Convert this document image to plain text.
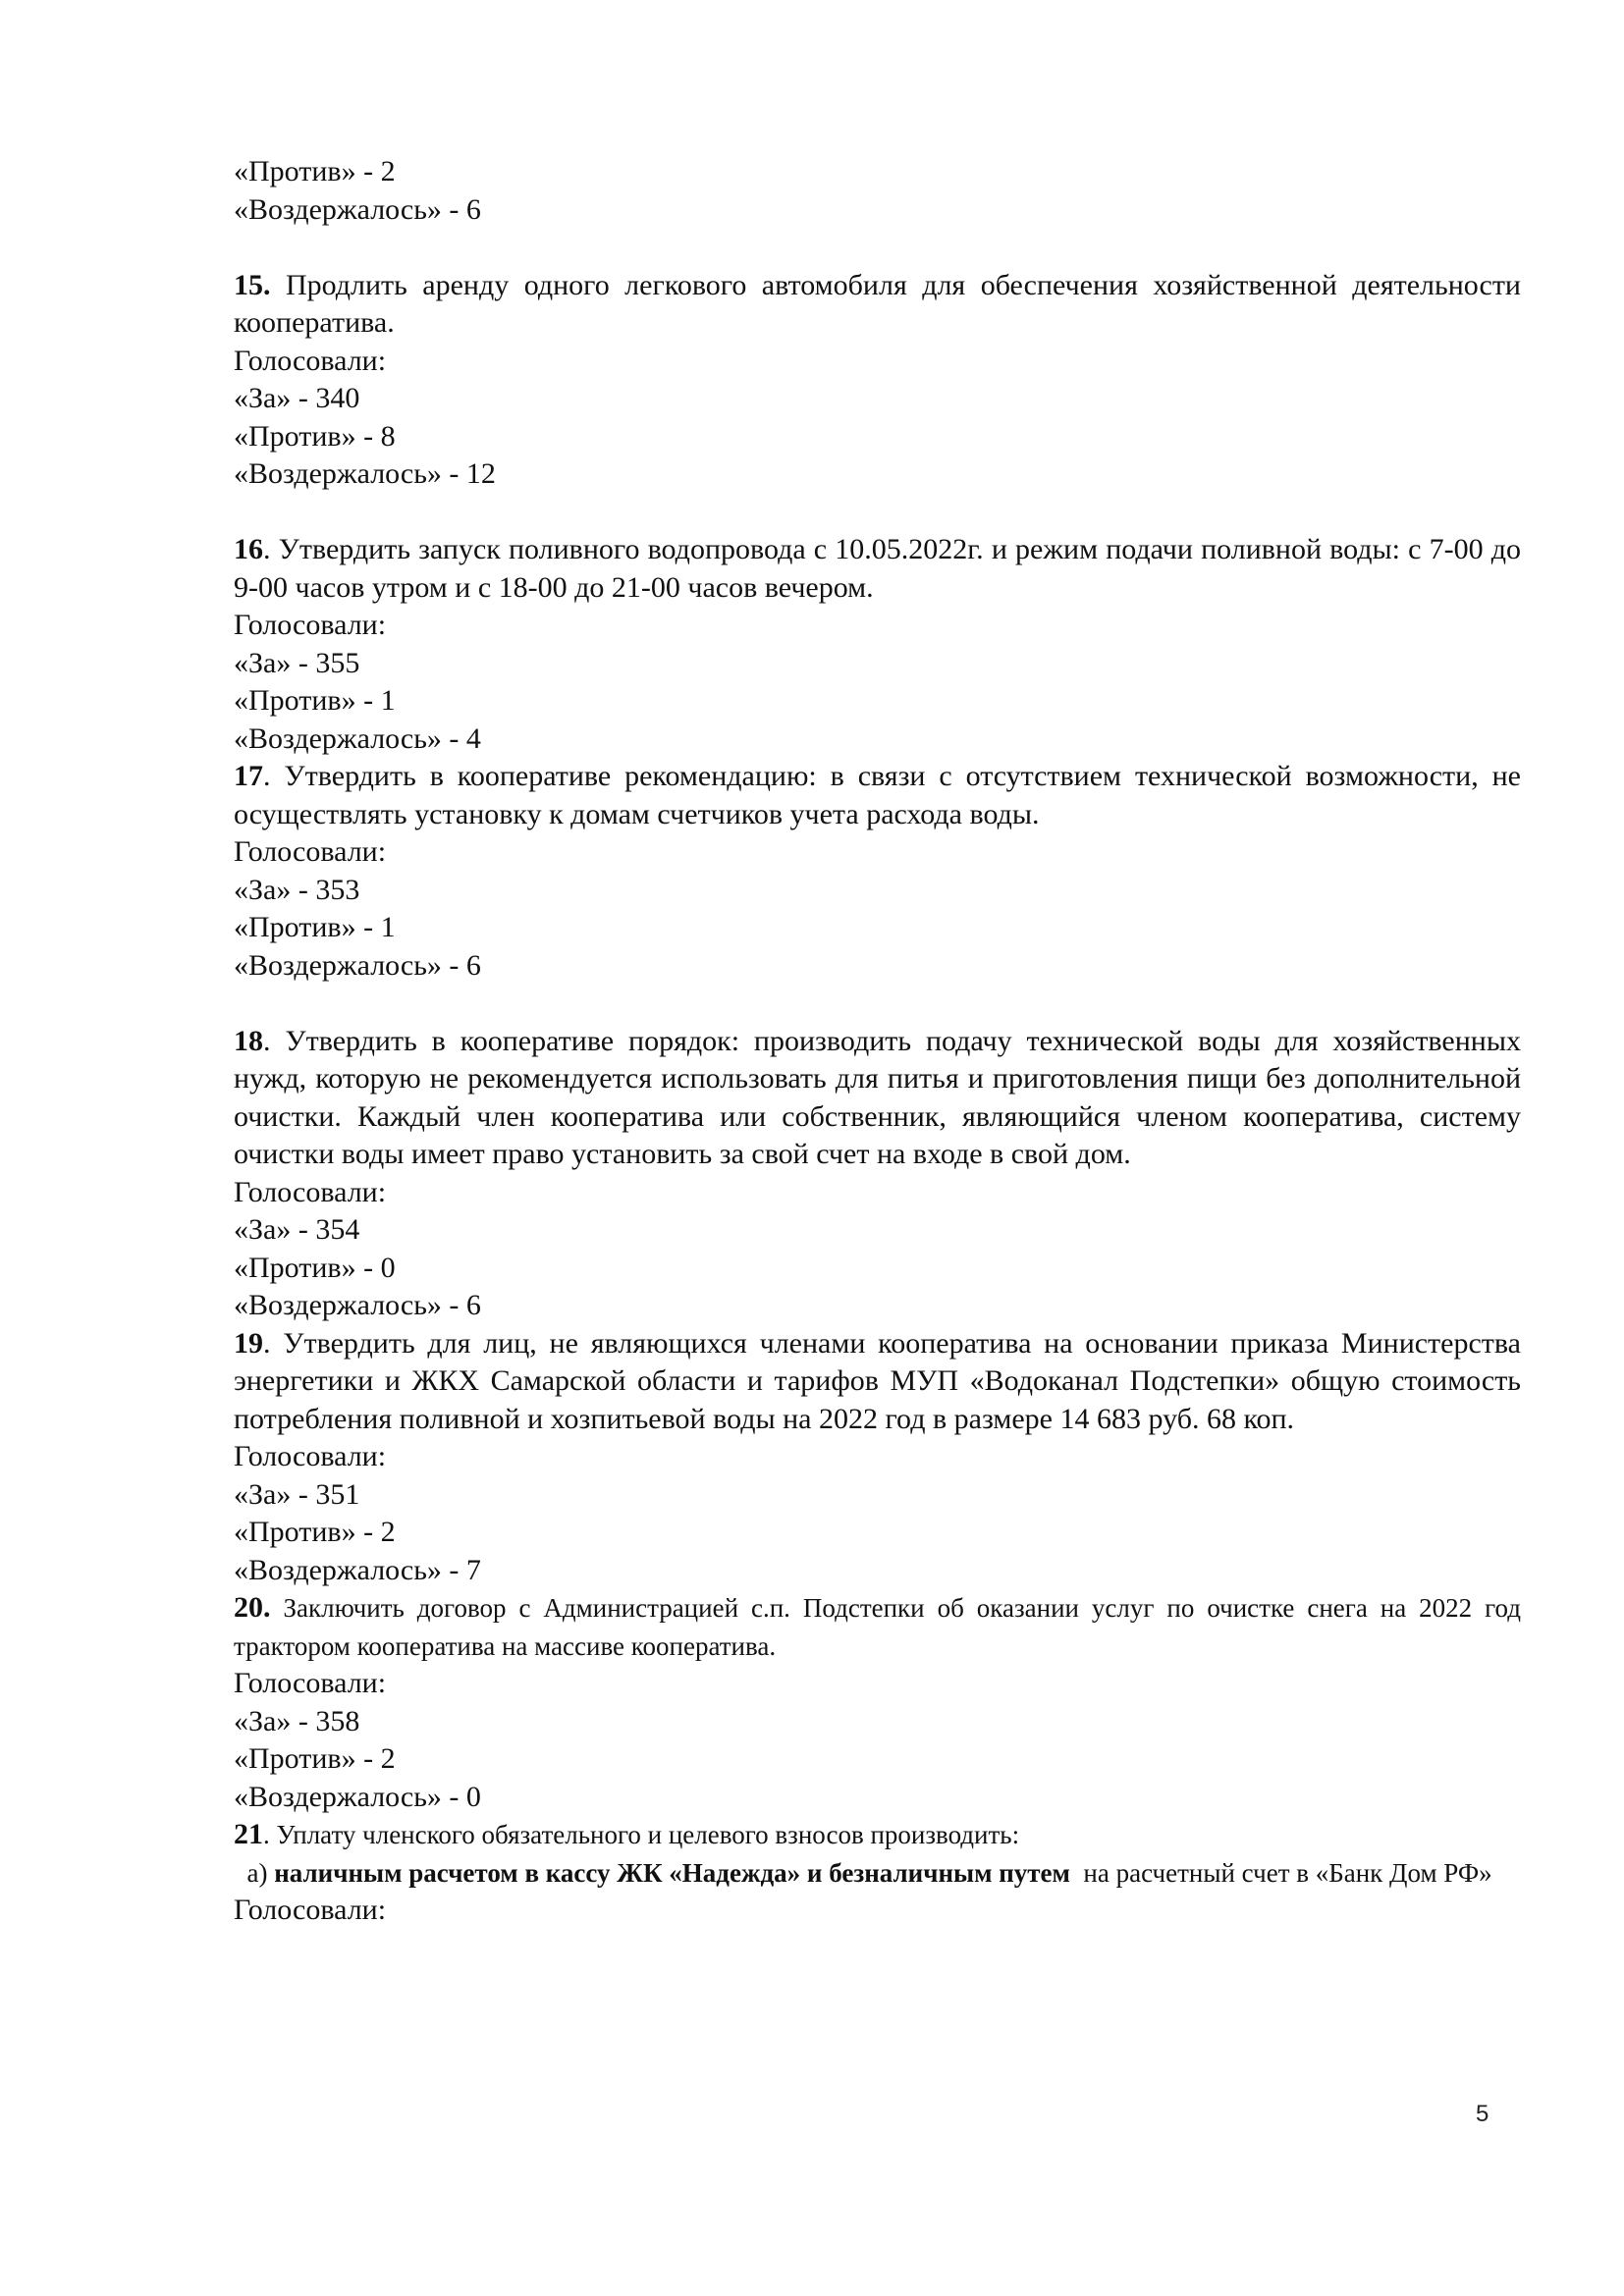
«Против» - 2
«Воздержалось» - 6
15. Продлить аренду одного легкового автомобиля для обеспечения хозяйственной деятельности кооператива.
Голосовали:
«За» - 340
«Против» - 8
«Воздержалось» - 12
16. Утвердить запуск поливного водопровода с 10.05.2022г. и режим подачи поливной воды: с 7-00 до 9-00 часов утром и с 18-00 до 21-00 часов вечером.
Голосовали:
«За» - 355
«Против» - 1
«Воздержалось» - 4
17. Утвердить в кооперативе рекомендацию: в связи с отсутствием технической возможности, не осуществлять установку к домам счетчиков учета расхода воды.
Голосовали:
«За» - 353
«Против» - 1
«Воздержалось» - 6
18. Утвердить в кооперативе порядок: производить подачу технической воды для хозяйственных нужд, которую не рекомендуется использовать для питья и приготовления пищи без дополнительной очистки. Каждый член кооператива или собственник, являющийся членом кооператива, систему очистки воды имеет право установить за свой счет на входе в свой дом.
Голосовали:
«За» - 354
«Против» - 0
«Воздержалось» - 6
19. Утвердить для лиц, не являющихся членами кооператива на основании приказа Министерства энергетики и ЖКХ Самарской области и тарифов МУП «Водоканал Подстепки» общую стоимость потребления поливной и хозпитьевой воды на 2022 год в размере 14 683 руб. 68 коп.
Голосовали:
«За» - 351
«Против» - 2
«Воздержалось» - 7
20. Заключить договор с Администрацией с.п. Подстепки об оказании услуг по очистке снега на 2022 год трактором кооператива на массиве кооператива.
Голосовали:
«За» - 358
«Против» - 2
«Воздержалось» - 0
21. Уплату членского обязательного и целевого взносов производить:
а) наличным расчетом в кассу ЖК «Надежда» и безналичным путем  на расчетный счет в «Банк Дом РФ»
Голосовали:
5
